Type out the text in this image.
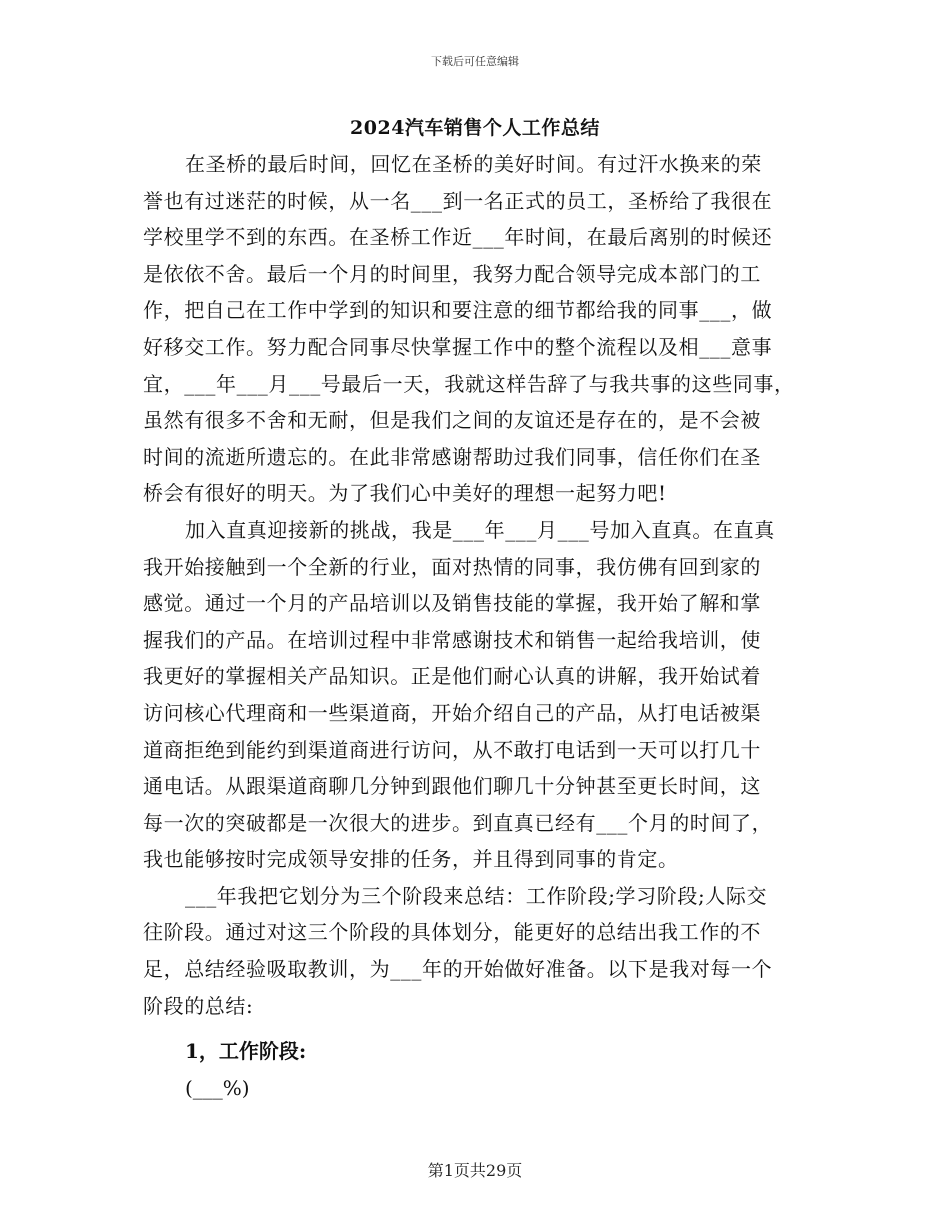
下载后可任意编辑
2024汽车销售个人工作总结
在圣桥的最后时间，回忆在圣桥的美好时间。有过汗水换来的荣
誉也有过迷茫的时候，从一名___到一名正式的员工，圣桥给了我很在
学校里学不到的东西。在圣桥工作近___年时间，在最后离别的时候还
是依依不舍。最后一个月的时间里，我努力配合领导完成本部门的工
作，把自己在工作中学到的知识和要注意的细节都给我的同事___，做
好移交工作。努力配合同事尽快掌握工作中的整个流程以及相___意事
宜，___年___月___号最后一天，我就这样告辞了与我共事的这些同事，
虽然有很多不舍和无耐，但是我们之间的友谊还是存在的，是不会被
时间的流逝所遗忘的。在此非常感谢帮助过我们同事，信任你们在圣
桥会有很好的明天。为了我们心中美好的理想一起努力吧!
加入直真迎接新的挑战，我是___年___月___号加入直真。在直真
我开始接触到一个全新的行业，面对热情的同事，我仿佛有回到家的
感觉。通过一个月的产品培训以及销售技能的掌握，我开始了解和掌
握我们的产品。在培训过程中非常感谢技术和销售一起给我培训，使
我更好的掌握相关产品知识。正是他们耐心认真的讲解，我开始试着
访问核心代理商和一些渠道商，开始介绍自己的产品，从打电话被渠
道商拒绝到能约到渠道商进行访问，从不敢打电话到一天可以打几十
通电话。从跟渠道商聊几分钟到跟他们聊几十分钟甚至更长时间，这
每一次的突破都是一次很大的进步。到直真已经有___个月的时间了，
我也能够按时完成领导安排的任务，并且得到同事的肯定。
___年我把它划分为三个阶段来总结：工作阶段;学习阶段;人际交
往阶段。通过对这三个阶段的具体划分，能更好的总结出我工作的不
足，总结经验吸取教训，为___年的开始做好准备。以下是我对每一个
阶段的总结:
1，工作阶段:
(___%)
第1页共29页
